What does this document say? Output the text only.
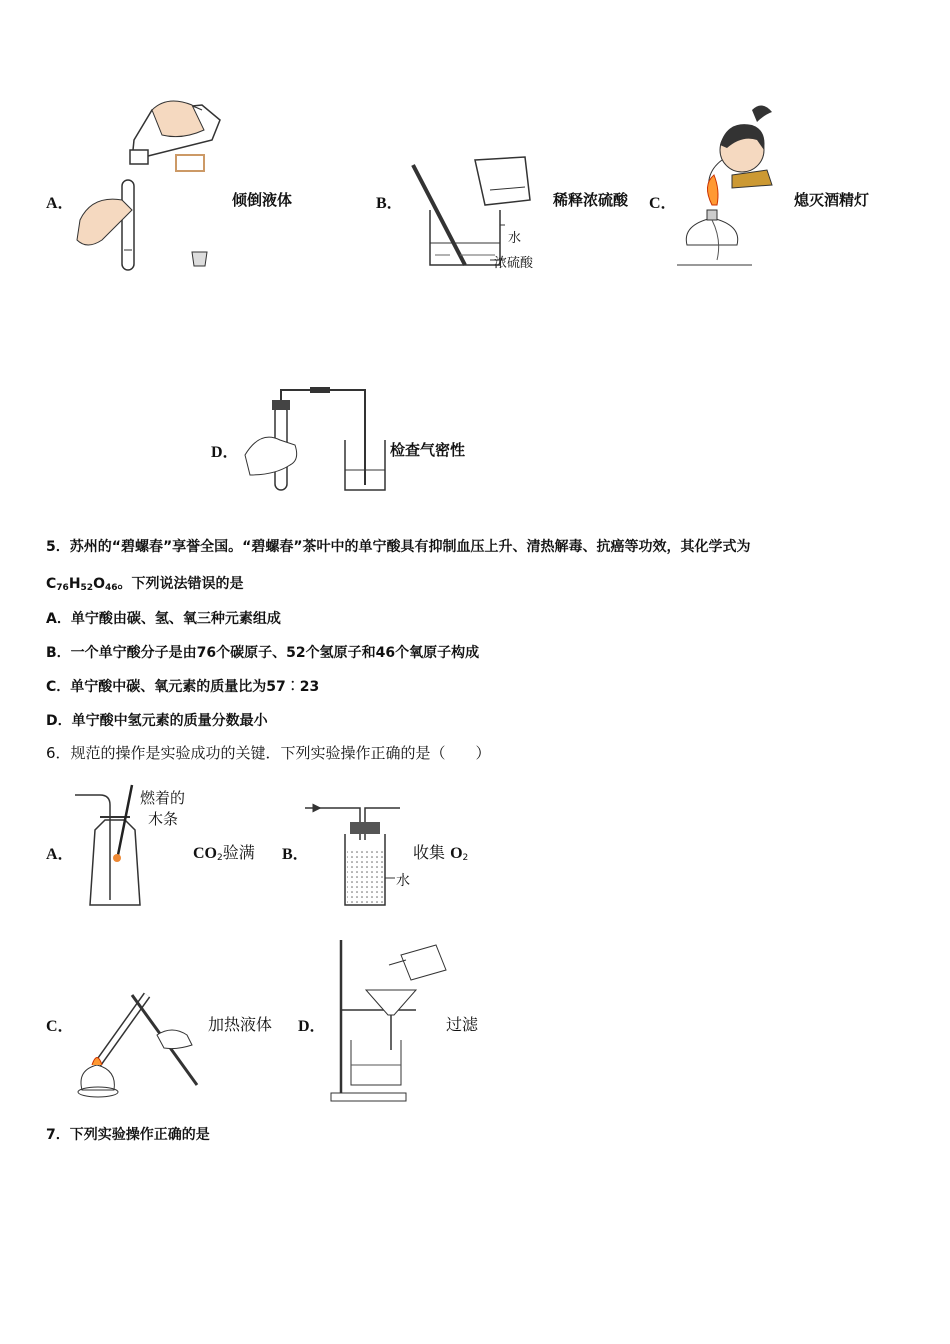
A．	倾倒液体
水
浓硫酸
B．	稀释浓硫酸 C．	熄灭酒精灯
D．	检查气密性
5．苏州的“碧螺春”享誉全国。“碧螺春”茶叶中的单宁酸具有抑制血压上升、清热解毒、抗癌等功效，其化学式为
$C_{76}H_{52}O_{46}$。下列说法错误的是
A．单宁酸由碳、氢、氧三种元素组成
B．一个单宁酸分子是由76个碳原子、52个氢原子和46个氧原子构成
C．单宁酸中碳、氧元素的质量比为57︰23
D．单宁酸中氢元素的质量分数最小
6．规范的操作是实验成功的关键．下列实验操作正确的是（　　）
燃着的
木条
A．	$CO_2$验满
水
B．	收集 $O_2$
C．	加热液体 D．	过滤
7．下列实验操作正确的是
